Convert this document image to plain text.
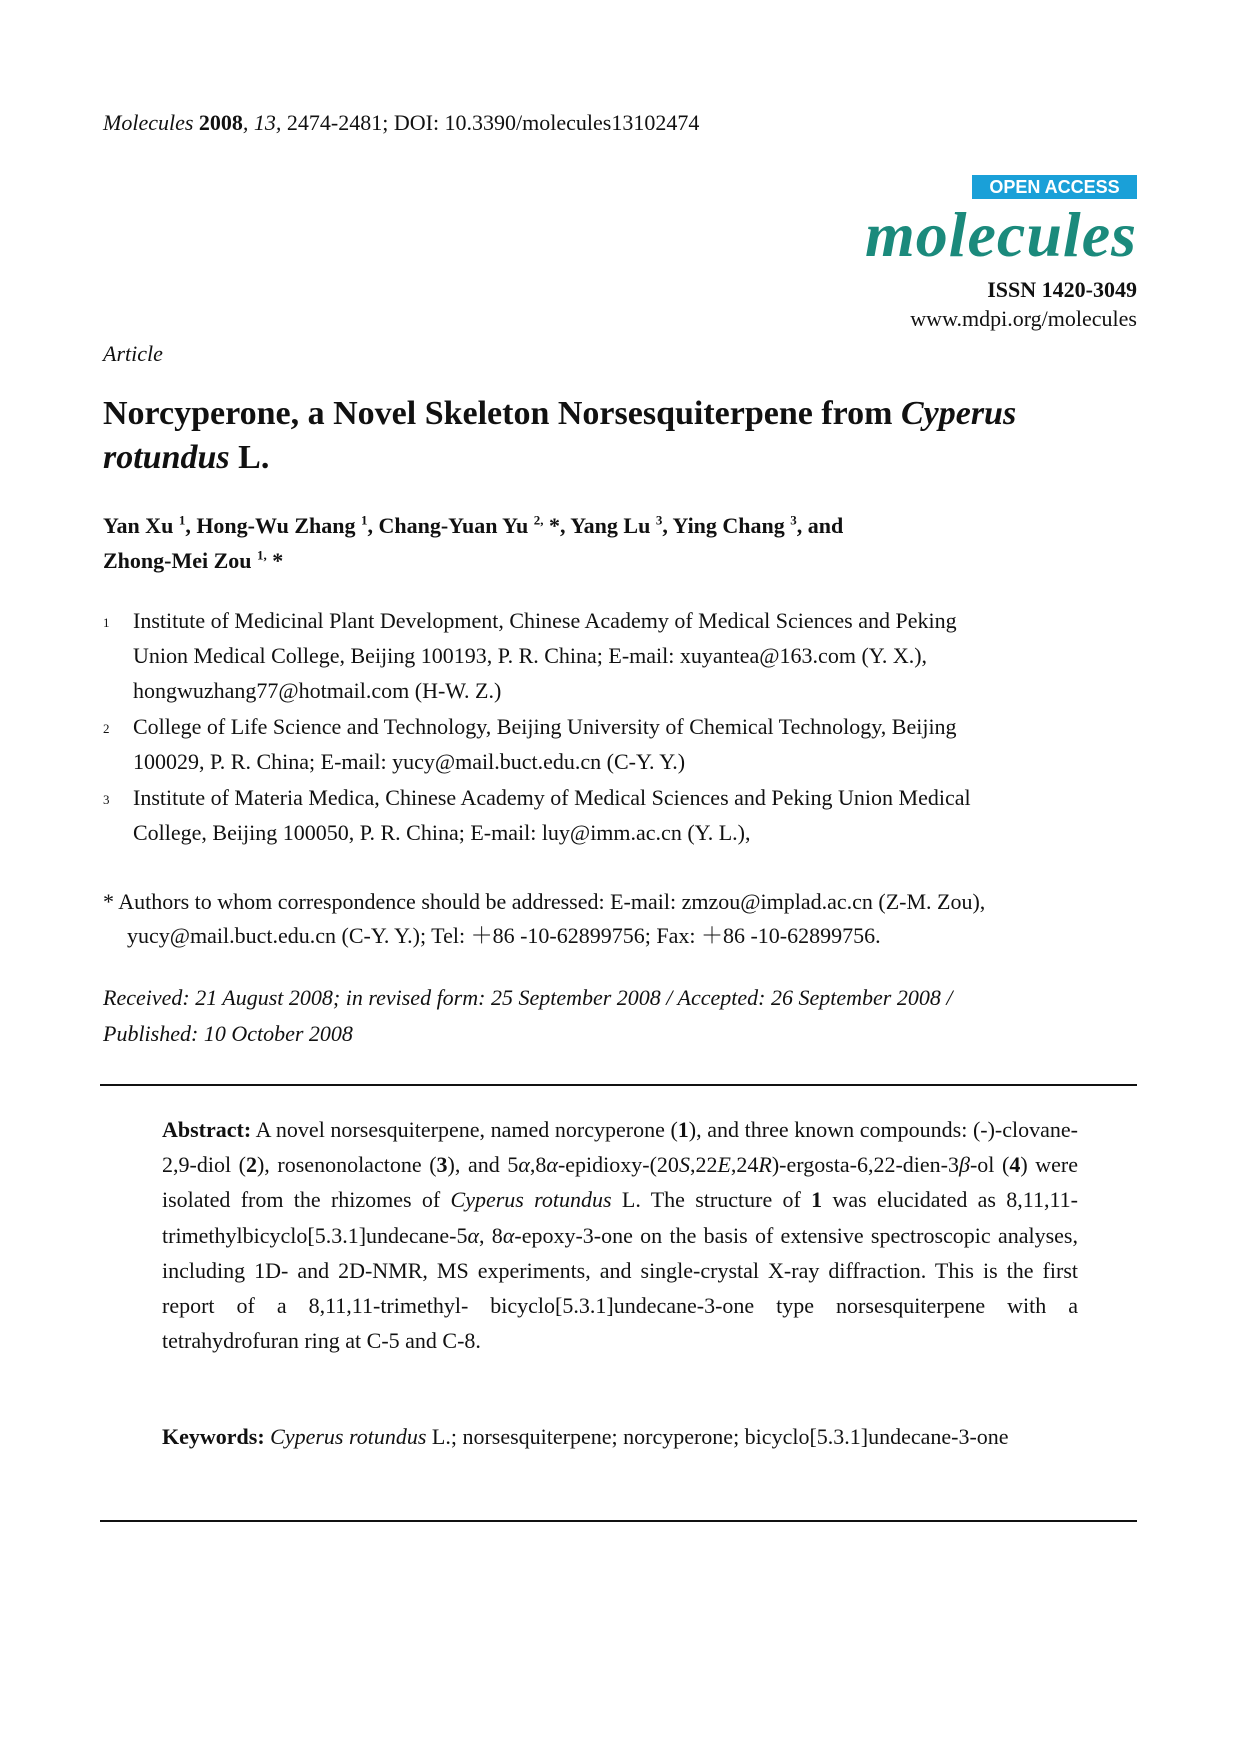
Molecules 2008, 13, 2474-2481; DOI: 10.3390/molecules13102474
OPEN ACCESS
molecules
ISSN 1420-3049
www.mdpi.org/molecules
Article
Norcyperone, a Novel Skeleton Norsesquiterpene from Cyperus
rotundus L.
Yan Xu $^1$, Hong-Wu Zhang $^1$, Chang-Yuan Yu $^{2,}$ *, Yang Lu $^3$, Ying Chang $^3$, and
Zhong-Mei Zou $^{1,}$ *
1 Institute of Medicinal Plant Development, Chinese Academy of Medical Sciences and Peking
Union Medical College, Beijing 100193, P. R. China; E-mail: xuyantea@163.com (Y. X.),
hongwuzhang77@hotmail.com (H-W. Z.)
2 College of Life Science and Technology, Beijing University of Chemical Technology, Beijing
100029, P. R. China; E-mail: yucy@mail.buct.edu.cn (C-Y. Y.)
3 Institute of Materia Medica, Chinese Academy of Medical Sciences and Peking Union Medical
College, Beijing 100050, P. R. China; E-mail: luy@imm.ac.cn (Y. L.),
* Authors to whom correspondence should be addressed: E-mail: zmzou@implad.ac.cn (Z-M. Zou),
yucy@mail.buct.edu.cn (C-Y. Y.); Tel: ＋86 -10-62899756; Fax: ＋86 -10-62899756.
Received: 21 August 2008; in revised form: 25 September 2008 / Accepted: 26 September 2008 /
Published: 10 October 2008
Abstract: A novel norsesquiterpene, named norcyperone (1), and three known compounds: (-)-clovane-2,9-diol (2), rosenonolactone (3), and 5α,8α-epidioxy-(20S,22E,24R)-ergosta-6,22-dien-3β-ol (4) were isolated from the rhizomes of Cyperus rotundus L. The structure of 1 was elucidated as 8,11,11-trimethylbicyclo[5.3.1]undecane-5α, 8α-epoxy-3-one on the basis of extensive spectroscopic analyses, including 1D- and 2D-NMR, MS experiments, and single-crystal X-ray diffraction. This is the first report of a 8,11,11-trimethyl- bicyclo[5.3.1]undecane-3-one type norsesquiterpene with a tetrahydrofuran ring at C-5 and C-8.
Keywords: Cyperus rotundus L.; norsesquiterpene; norcyperone; bicyclo[5.3.1]undecane-3-one
